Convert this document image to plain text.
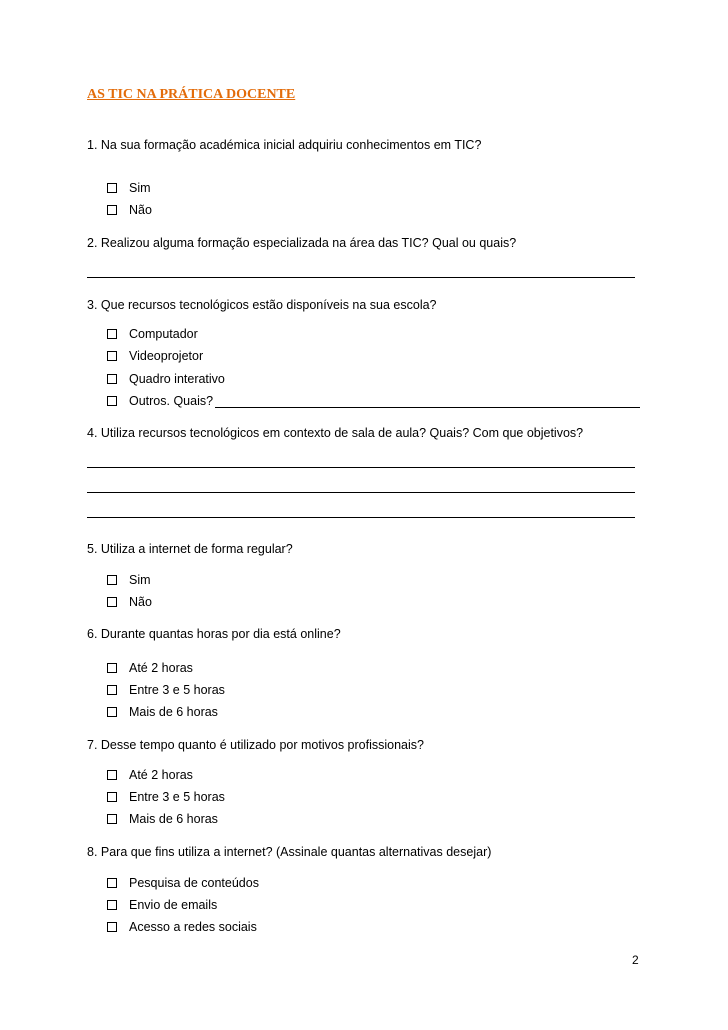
AS TIC NA PRÁTICA DOCENTE
1. Na sua formação académica inicial adquiriu conhecimentos em TIC?
Sim
Não
2. Realizou alguma formação especializada na área das TIC? Qual ou quais?
3. Que recursos tecnológicos estão disponíveis na sua escola?
Computador
Videoprojetor
Quadro interativo
Outros. Quais?
4. Utiliza recursos tecnológicos em contexto de sala de aula? Quais? Com que objetivos?
5. Utiliza a internet de forma regular?
Sim
Não
6. Durante quantas horas por dia está online?
Até 2 horas
Entre 3 e 5 horas
Mais de 6 horas
7. Desse tempo quanto é utilizado por motivos profissionais?
Até 2 horas
Entre 3 e 5 horas
Mais de 6 horas
8. Para que fins utiliza a internet? (Assinale quantas alternativas desejar)
Pesquisa de conteúdos
Envio de emails
Acesso a redes sociais
2
